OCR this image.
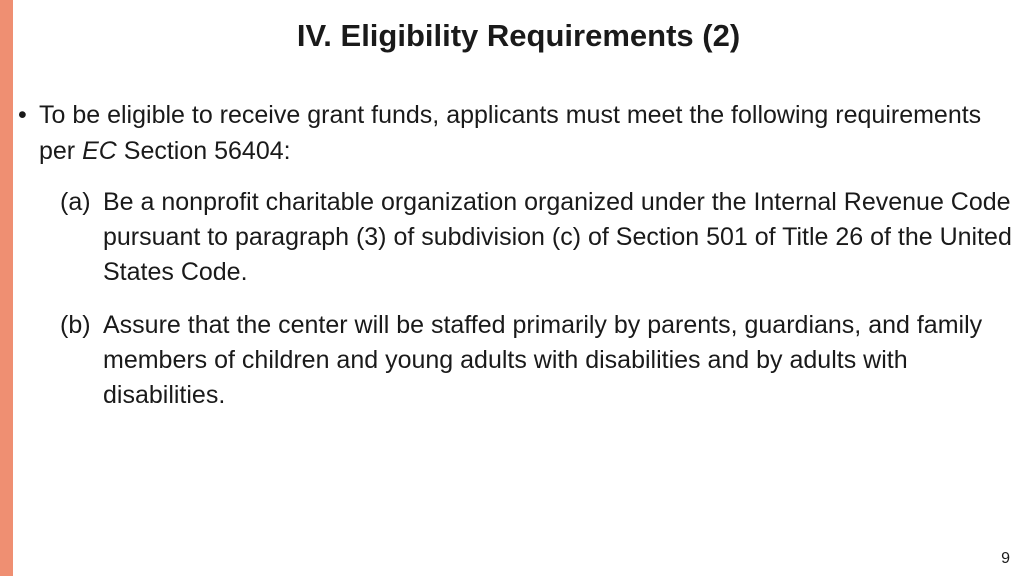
IV. Eligibility Requirements (2)
• To be eligible to receive grant funds, applicants must meet the following requirements per EC Section 56404:
(a) Be a nonprofit charitable organization organized under the Internal Revenue Code pursuant to paragraph (3) of subdivision (c) of Section 501 of Title 26 of the United States Code.
(b) Assure that the center will be staffed primarily by parents, guardians, and family members of children and young adults with disabilities and by adults with disabilities.
9
